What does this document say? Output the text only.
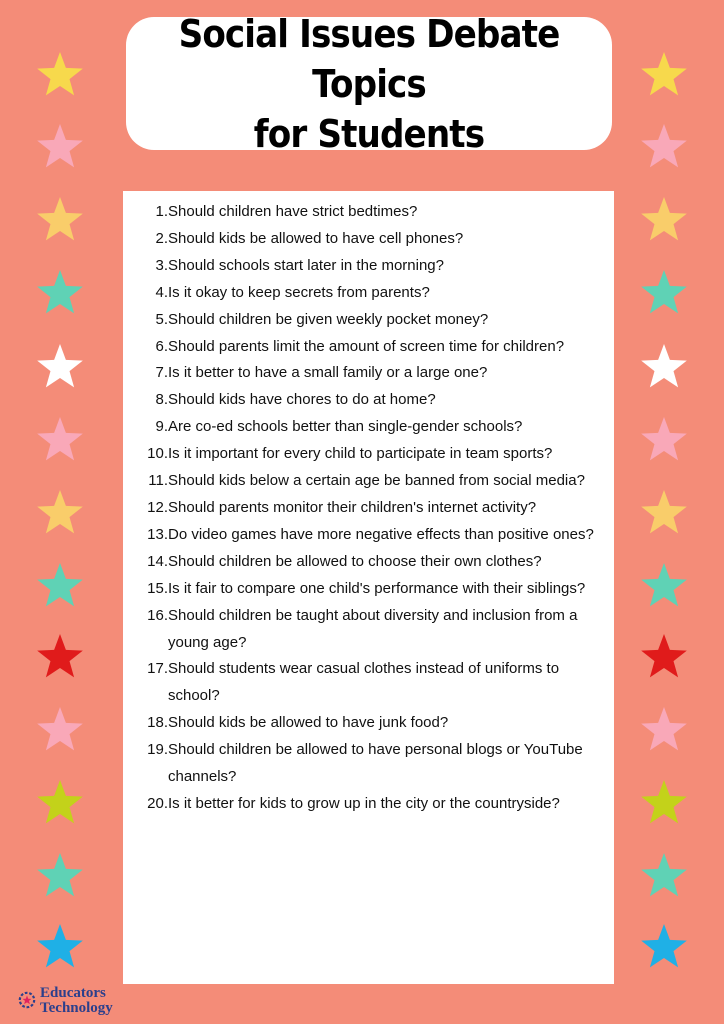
Social Issues Debate Topics
for Students
1. Should children have strict bedtimes?
2. Should kids be allowed to have cell phones?
3. Should schools start later in the morning?
4. Is it okay to keep secrets from parents?
5. Should children be given weekly pocket money?
6. Should parents limit the amount of screen time for children?
7. Is it better to have a small family or a large one?
8. Should kids have chores to do at home?
9. Are co-ed schools better than single-gender schools?
10. Is it important for every child to participate in team sports?
11. Should kids below a certain age be banned from social media?
12. Should parents monitor their children's internet activity?
13. Do video games have more negative effects than positive ones?
14. Should children be allowed to choose their own clothes?
15. Is it fair to compare one child's performance with their siblings?
16. Should children be taught about diversity and inclusion from a young age?
17. Should students wear casual clothes instead of uniforms to school?
18. Should kids be allowed to have junk food?
19. Should children be allowed to have personal blogs or YouTube channels?
20. Is it better for kids to grow up in the city or the countryside?
Educators
Technology
